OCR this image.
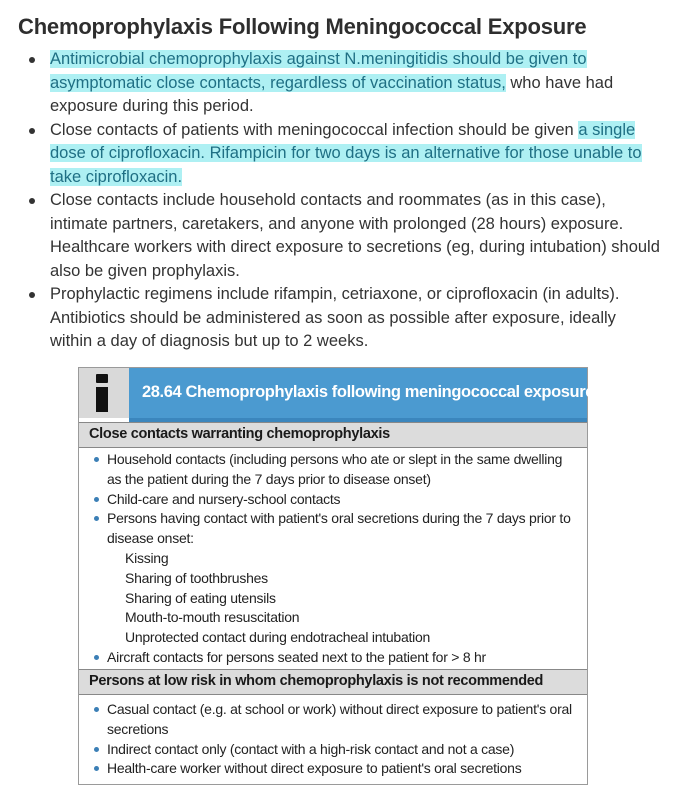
Chemoprophylaxis Following Meningococcal Exposure
Antimicrobial chemoprophylaxis against N.meningitidis should be given to asymptomatic close contacts, regardless of vaccination status, who have had exposure during this period.
Close contacts of patients with meningococcal infection should be given a single dose of ciprofloxacin. Rifampicin for two days is an alternative for those unable to take ciprofloxacin.
Close contacts include household contacts and roommates (as in this case), intimate partners, caretakers, and anyone with prolonged (28 hours) exposure. Healthcare workers with direct exposure to secretions (eg, during intubation) should also be given prophylaxis.
Prophylactic regimens include rifampin, cetriaxone, or ciprofloxacin (in adults). Antibiotics should be administered as soon as possible after exposure, ideally within a day of diagnosis but up to 2 weeks.
28.64 Chemoprophylaxis following meningococcal exposure
Close contacts warranting chemoprophylaxis
Household contacts (including persons who ate or slept in the same dwelling as the patient during the 7 days prior to disease onset)
Child-care and nursery-school contacts
Persons having contact with patient's oral secretions during the 7 days prior to disease onset:
Kissing
Sharing of toothbrushes
Sharing of eating utensils
Mouth-to-mouth resuscitation
Unprotected contact during endotracheal intubation
Aircraft contacts for persons seated next to the patient for > 8 hr
Persons at low risk in whom chemoprophylaxis is not recommended
Casual contact (e.g. at school or work) without direct exposure to patient's oral secretions
Indirect contact only (contact with a high-risk contact and not a case)
Health-care worker without direct exposure to patient's oral secretions
